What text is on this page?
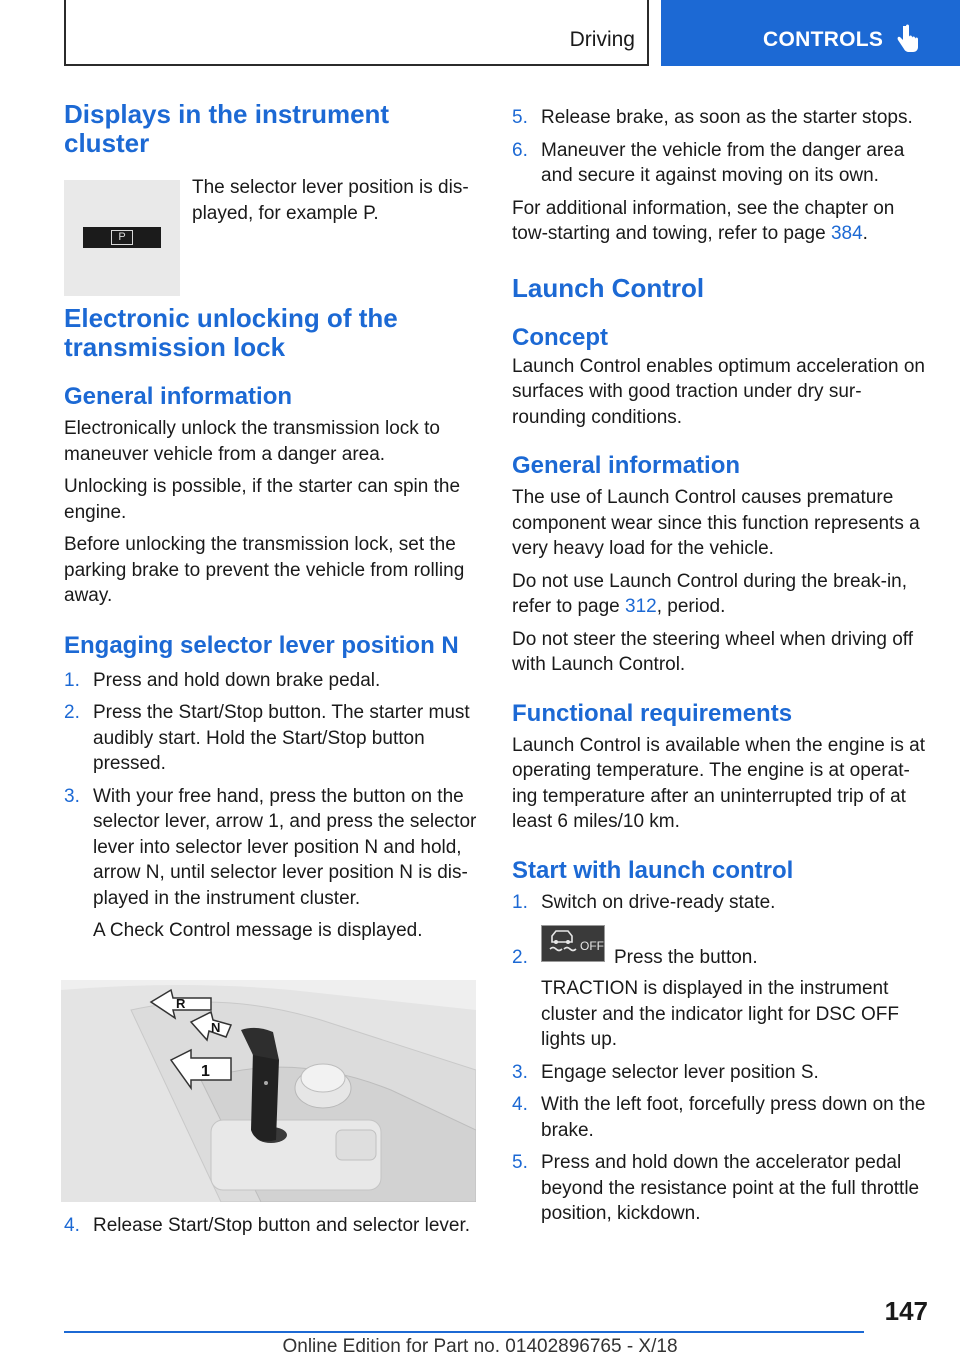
Driving	CONTROLS
P
Displays in the instrument cluster

The selector lever position is dis‐played, for example P.

Electronic unlocking of the transmission lock
General information

Electronically unlock the transmission lock to maneuver vehicle from a danger area.

Unlocking is possible, if the starter can spin the engine.

Before unlocking the transmission lock, set the parking brake to prevent the vehicle from rolling away.

Engaging selector lever position N
1. Press and hold down brake pedal.
2. Press the Start/Stop button. The starter must audibly start. Hold the Start/Stop button pressed.
3. With your free hand, press the button on the selector lever, arrow 1, and press the selector lever into selector lever position N and hold, arrow N, until selector lever position N is dis‐played in the instrument cluster.
A Check Control message is displayed.
R
N
1
4. Release Start/Stop button and selector lever.
5. Release brake, as soon as the starter stops.
6. Maneuver the vehicle from the danger area and secure it against moving on its own.

For additional information, see the chapter on tow-starting and towing, refer to page 384.

Launch Control
Concept

Launch Control enables optimum acceleration on surfaces with good traction under dry sur‐rounding conditions.

General information

The use of Launch Control causes premature component wear since this function represents a very heavy load for the vehicle.

Do not use Launch Control during the break-in, refer to page 312, period.

Do not steer the steering wheel when driving off with Launch Control.

Functional requirements

Launch Control is available when the engine is at operating temperature. The engine is at operat‐ing temperature after an uninterrupted trip of at least 6 miles/10 km.

Start with launch control
1. Switch on drive-ready state.
2.
OFF
Press the button.
TRACTION is displayed in the instrument cluster and the indicator light for DSC OFF lights up.
3. Engage selector lever position S.
4. With the left foot, forcefully press down on the brake.
5. Press and hold down the accelerator pedal beyond the resistance point at the full throttle position, kickdown.
147
Online Edition for Part no. 01402896765 - X/18
